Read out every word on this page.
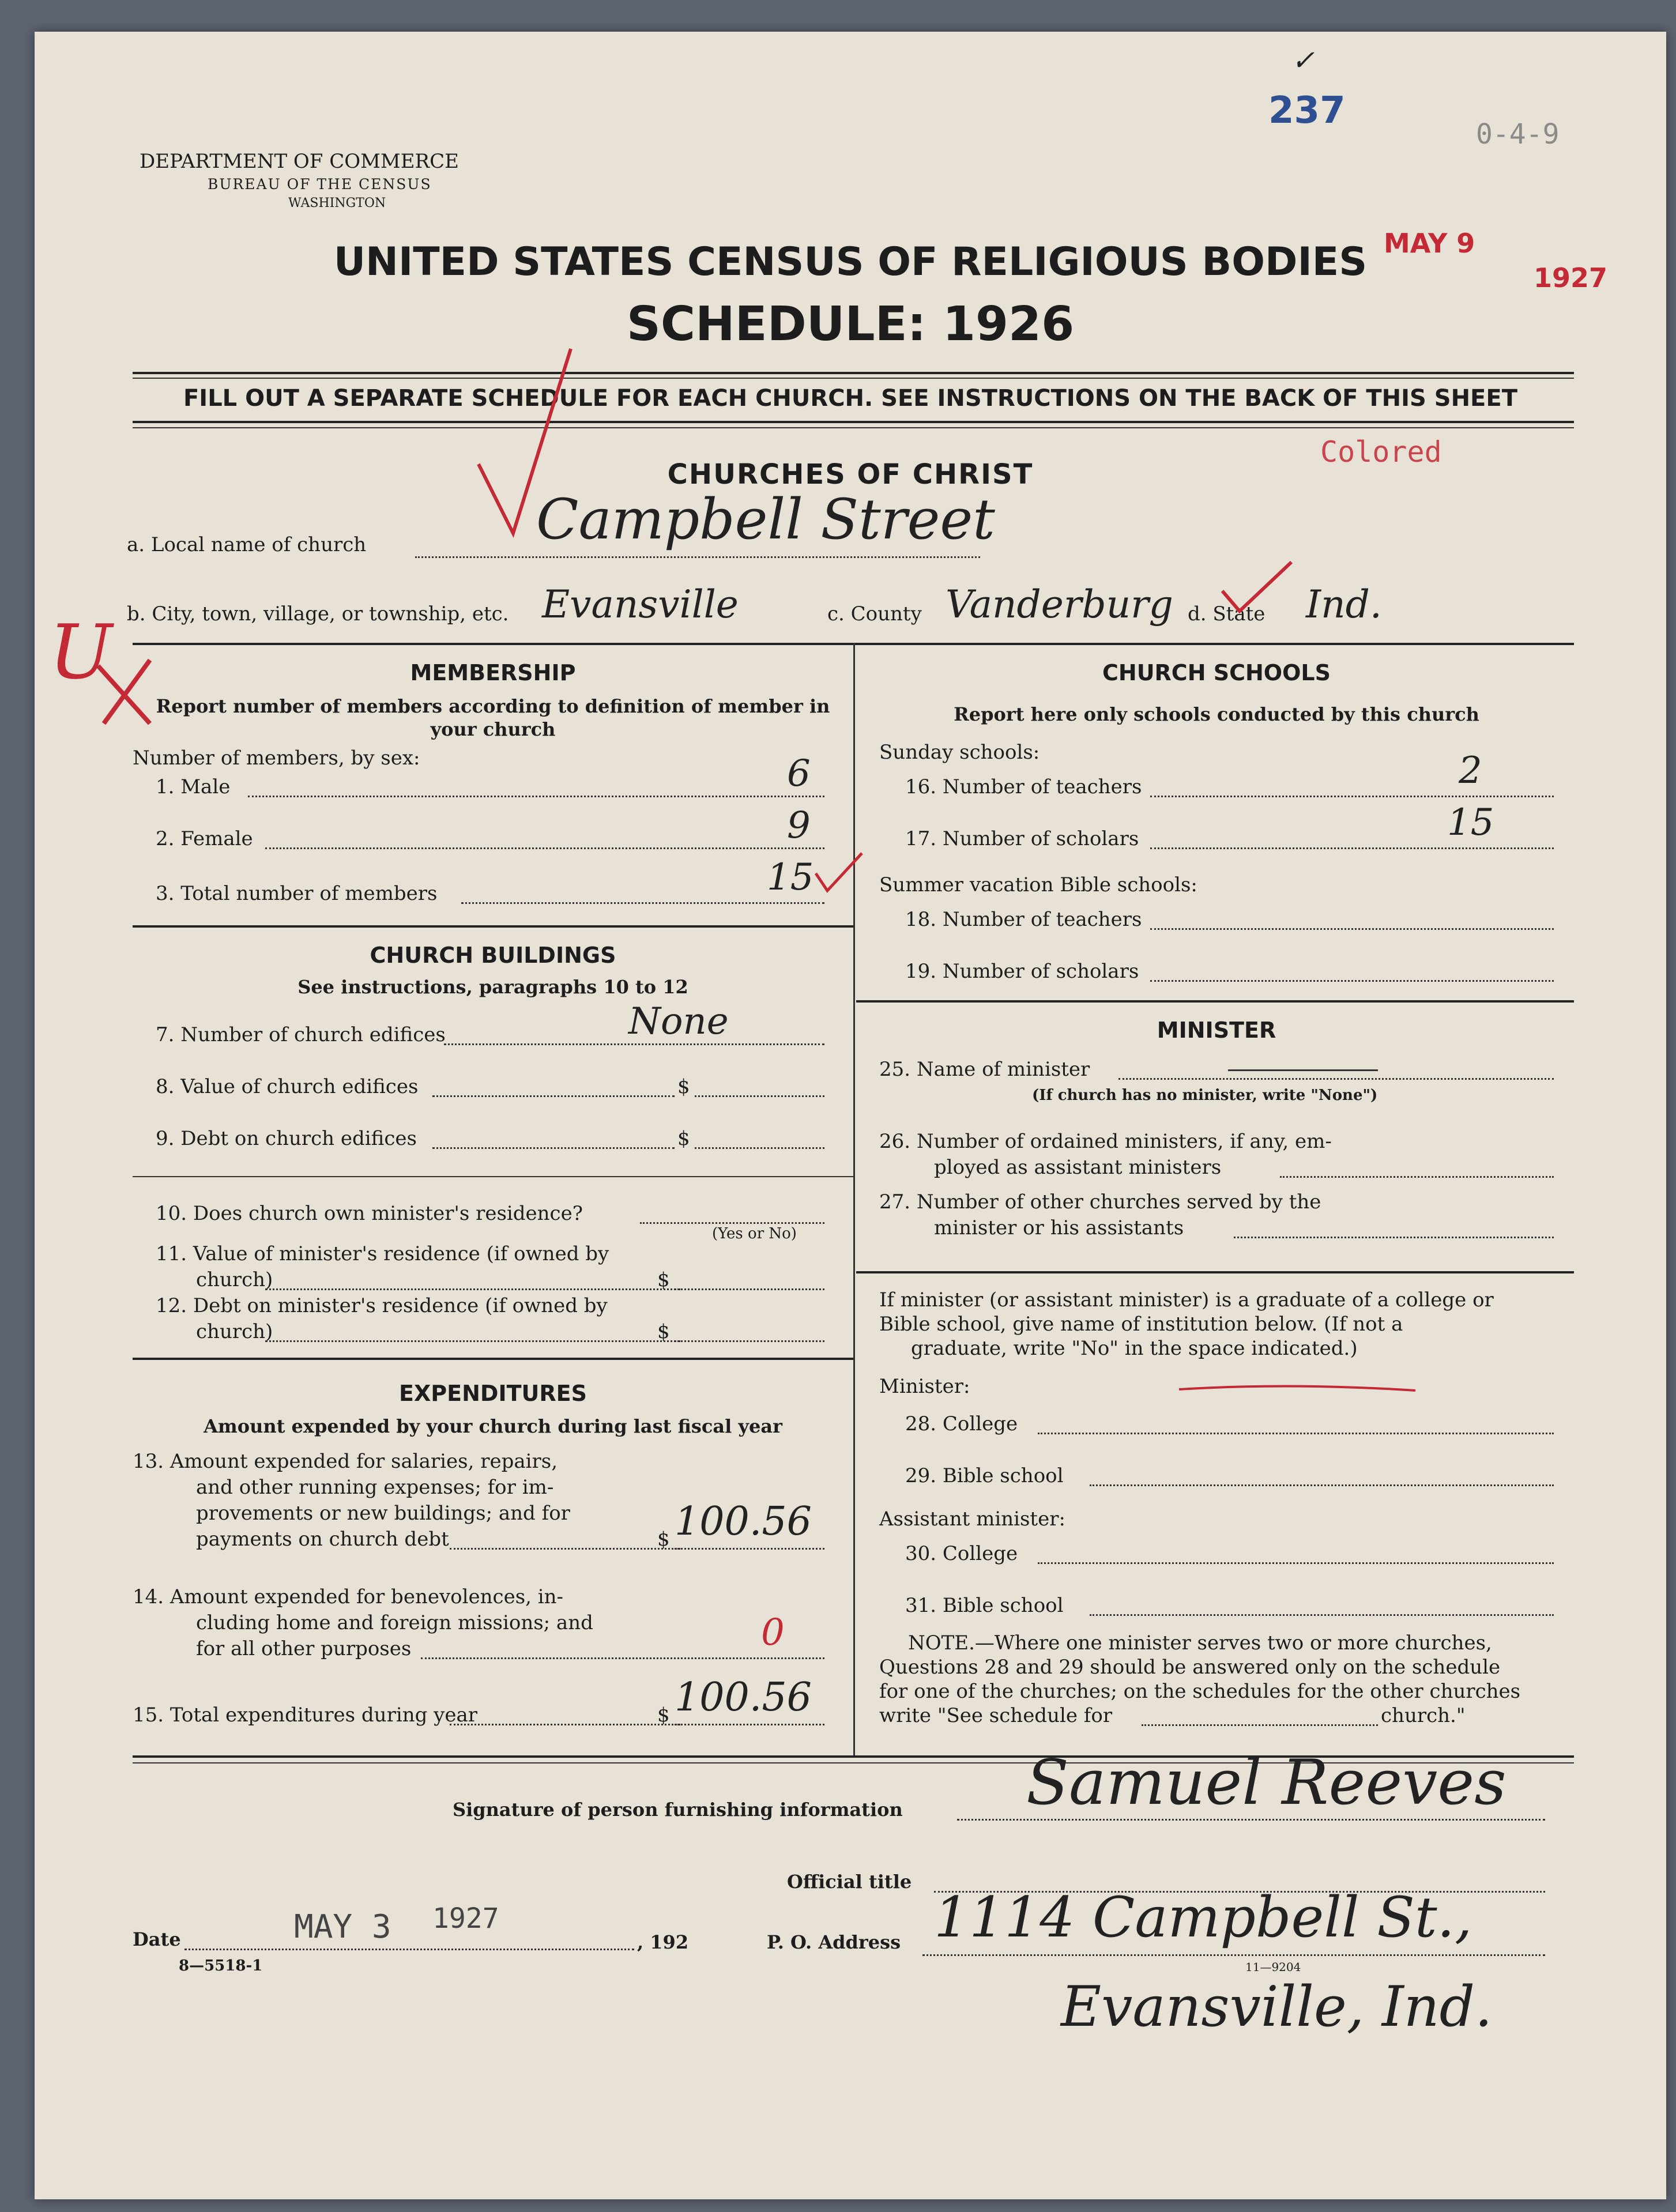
DEPARTMENT OF COMMERCE
BUREAU OF THE CENSUS
WASHINGTON
237
0-4-9
✓
MAY 9
1927
UNITED STATES CENSUS OF RELIGIOUS BODIES
SCHEDULE: 1926
FILL OUT A SEPARATE SCHEDULE FOR EACH CHURCH. SEE INSTRUCTIONS ON THE BACK OF THIS SHEET
CHURCHES OF CHRIST
Colored
a. Local name of church	Campbell Street
b. City, town, village, or township, etc. Evansville	c. County Vanderburg d. State Ind.
U	MEMBERSHIP
Report number of members according to definition of member in your church
Number of members, by sex:
1. Male	6
2. Female	9
3. Total number of members	15
CHURCH BUILDINGS
See instructions, paragraphs 10 to 12
7. Number of church edifices	None
8. Value of church edifices	$
9. Debt on church edifices	$
10. Does church own minister's residence?
(Yes or No)
11. Value of minister's residence (if owned by
church)	$
12. Debt on minister's residence (if owned by
church)	$
EXPENDITURES
Amount expended by your church during last fiscal year
13. Amount expended for salaries, repairs,
and other running expenses; for im-
provements or new buildings; and for
payments on church debt	$ 100.56
14. Amount expended for benevolences, in-
cluding home and foreign missions; and
for all other purposes	0
15. Total expenditures during year	$ 100.56
CHURCH SCHOOLS
Report here only schools conducted by this church
Sunday schools:
16. Number of teachers	2
17. Number of scholars	15
Summer vacation Bible schools:
18. Number of teachers
19. Number of scholars
MINISTER
25. Name of minister
(If church has no minister, write "None")
26. Number of ordained ministers, if any, em-
ployed as assistant ministers
27. Number of other churches served by the
minister or his assistants
If minister (or assistant minister) is a graduate of a college or
Bible school, give name of institution below. (If not a
graduate, write "No" in the space indicated.)
Minister:
28. College
29. Bible school
Assistant minister:
30. College
31. Bible school
NOTE.—Where one minister serves two or more churches,
Questions 28 and 29 should be answered only on the schedule
for one of the churches; on the schedules for the other churches
write "See schedule for	church."
Signature of person furnishing information Samuel Reeves
Official title
Date	MAY 3 1927
, 192
8—5518-1
P. O. Address 1114 Campbell St.,
11—9204
Evansville, Ind.
